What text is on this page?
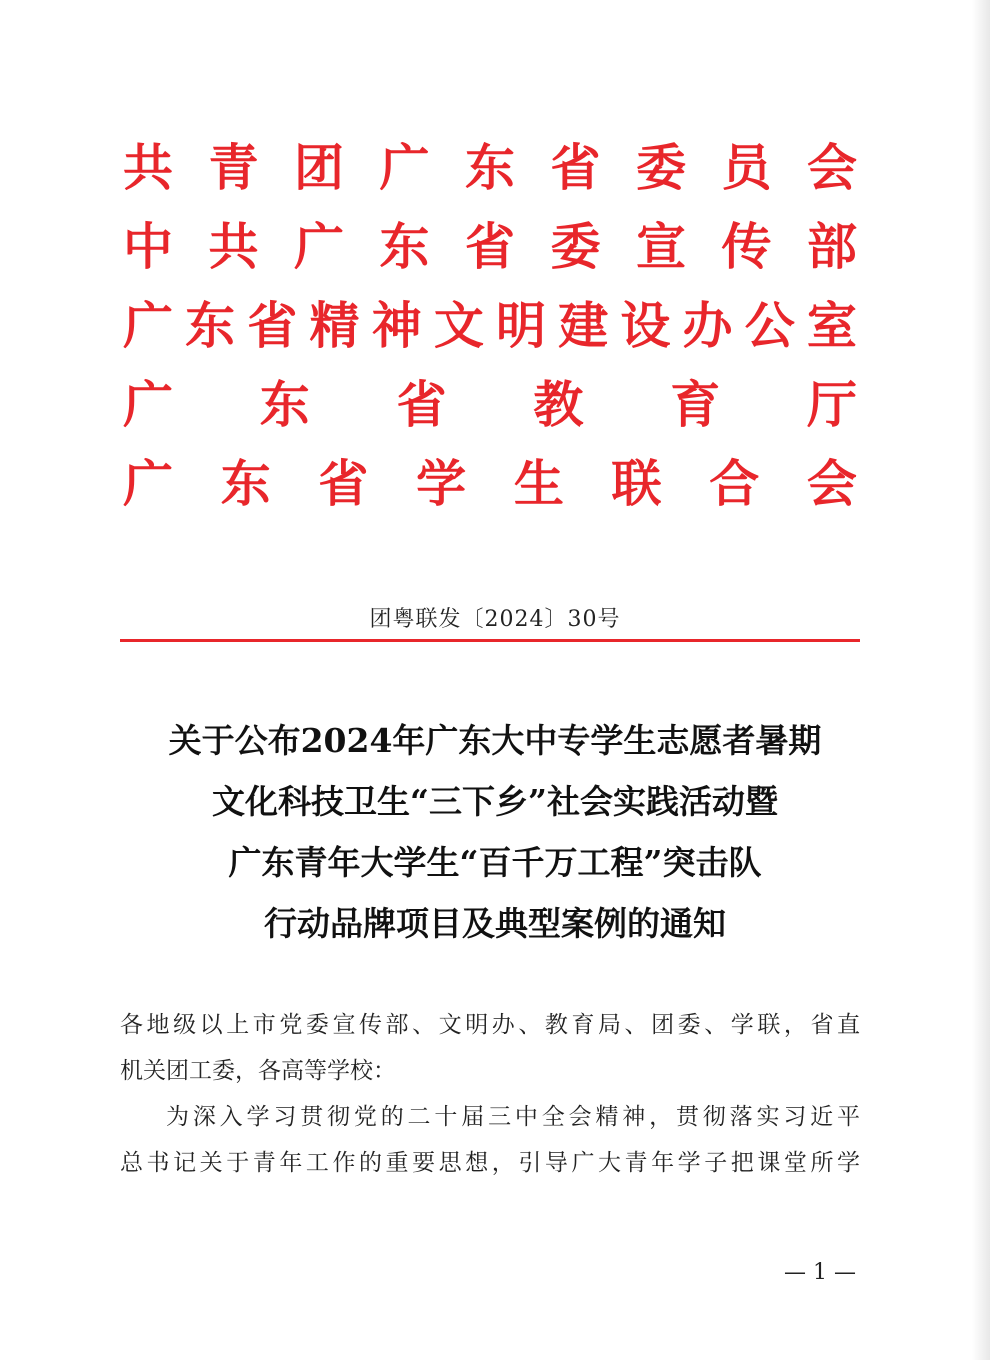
共 青 团 广 东 省 委 员 会
中 共 广 东 省 委 宣 传 部
广 东 省 精 神 文 明 建 设 办 公 室
广 东 省 教 育 厅
广 东 省 学 生 联 合 会
团粤联发〔2024〕30号
关于公布2024年广东大中专学生志愿者暑期
文化科技卫生“三下乡”社会实践活动暨
广东青年大学生“百千万工程”突击队
行动品牌项目及典型案例的通知

各地级以上市党委宣传部、文明办、教育局、团委、学联，省直

机关团工委，各高等学校：

为深入学习贯彻党的二十届三中全会精神，贯彻落实习近平

总书记关于青年工作的重要思想，引导广大青年学子把课堂所学

— 1 —
